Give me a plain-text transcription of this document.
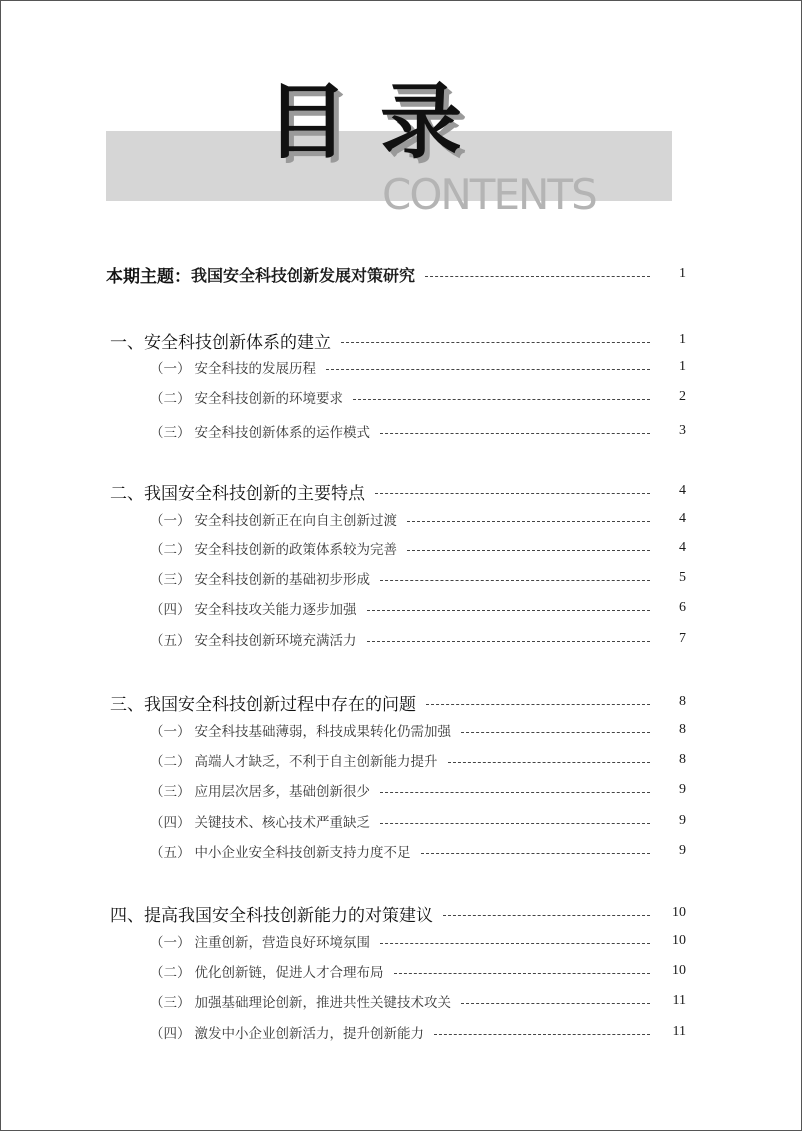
目录
CONTENTS
本期主题： 我国安全科技创新发展对策研究	1
一、 安全科技创新体系的建立	1
（一） 安全科技的发展历程	1
（二） 安全科技创新的环境要求	2
（三） 安全科技创新体系的运作模式	3
二、 我国安全科技创新的主要特点	4
（一） 安全科技创新正在向自主创新过渡	4
（二） 安全科技创新的政策体系较为完善	4
（三） 安全科技创新的基础初步形成	5
（四） 安全科技攻关能力逐步加强	6
（五） 安全科技创新环境充满活力	7
三、 我国安全科技创新过程中存在的问题	8
（一） 安全科技基础薄弱，科技成果转化仍需加强	8
（二） 高端人才缺乏，不利于自主创新能力提升	8
（三） 应用层次居多，基础创新很少	9
（四） 关键技术、核心技术严重缺乏	9
（五） 中小企业安全科技创新支持力度不足	9
四、 提高我国安全科技创新能力的对策建议	10
（一） 注重创新，营造良好环境氛围	10
（二） 优化创新链，促进人才合理布局	10
（三） 加强基础理论创新，推进共性关键技术攻关	11
（四） 激发中小企业创新活力，提升创新能力	11
